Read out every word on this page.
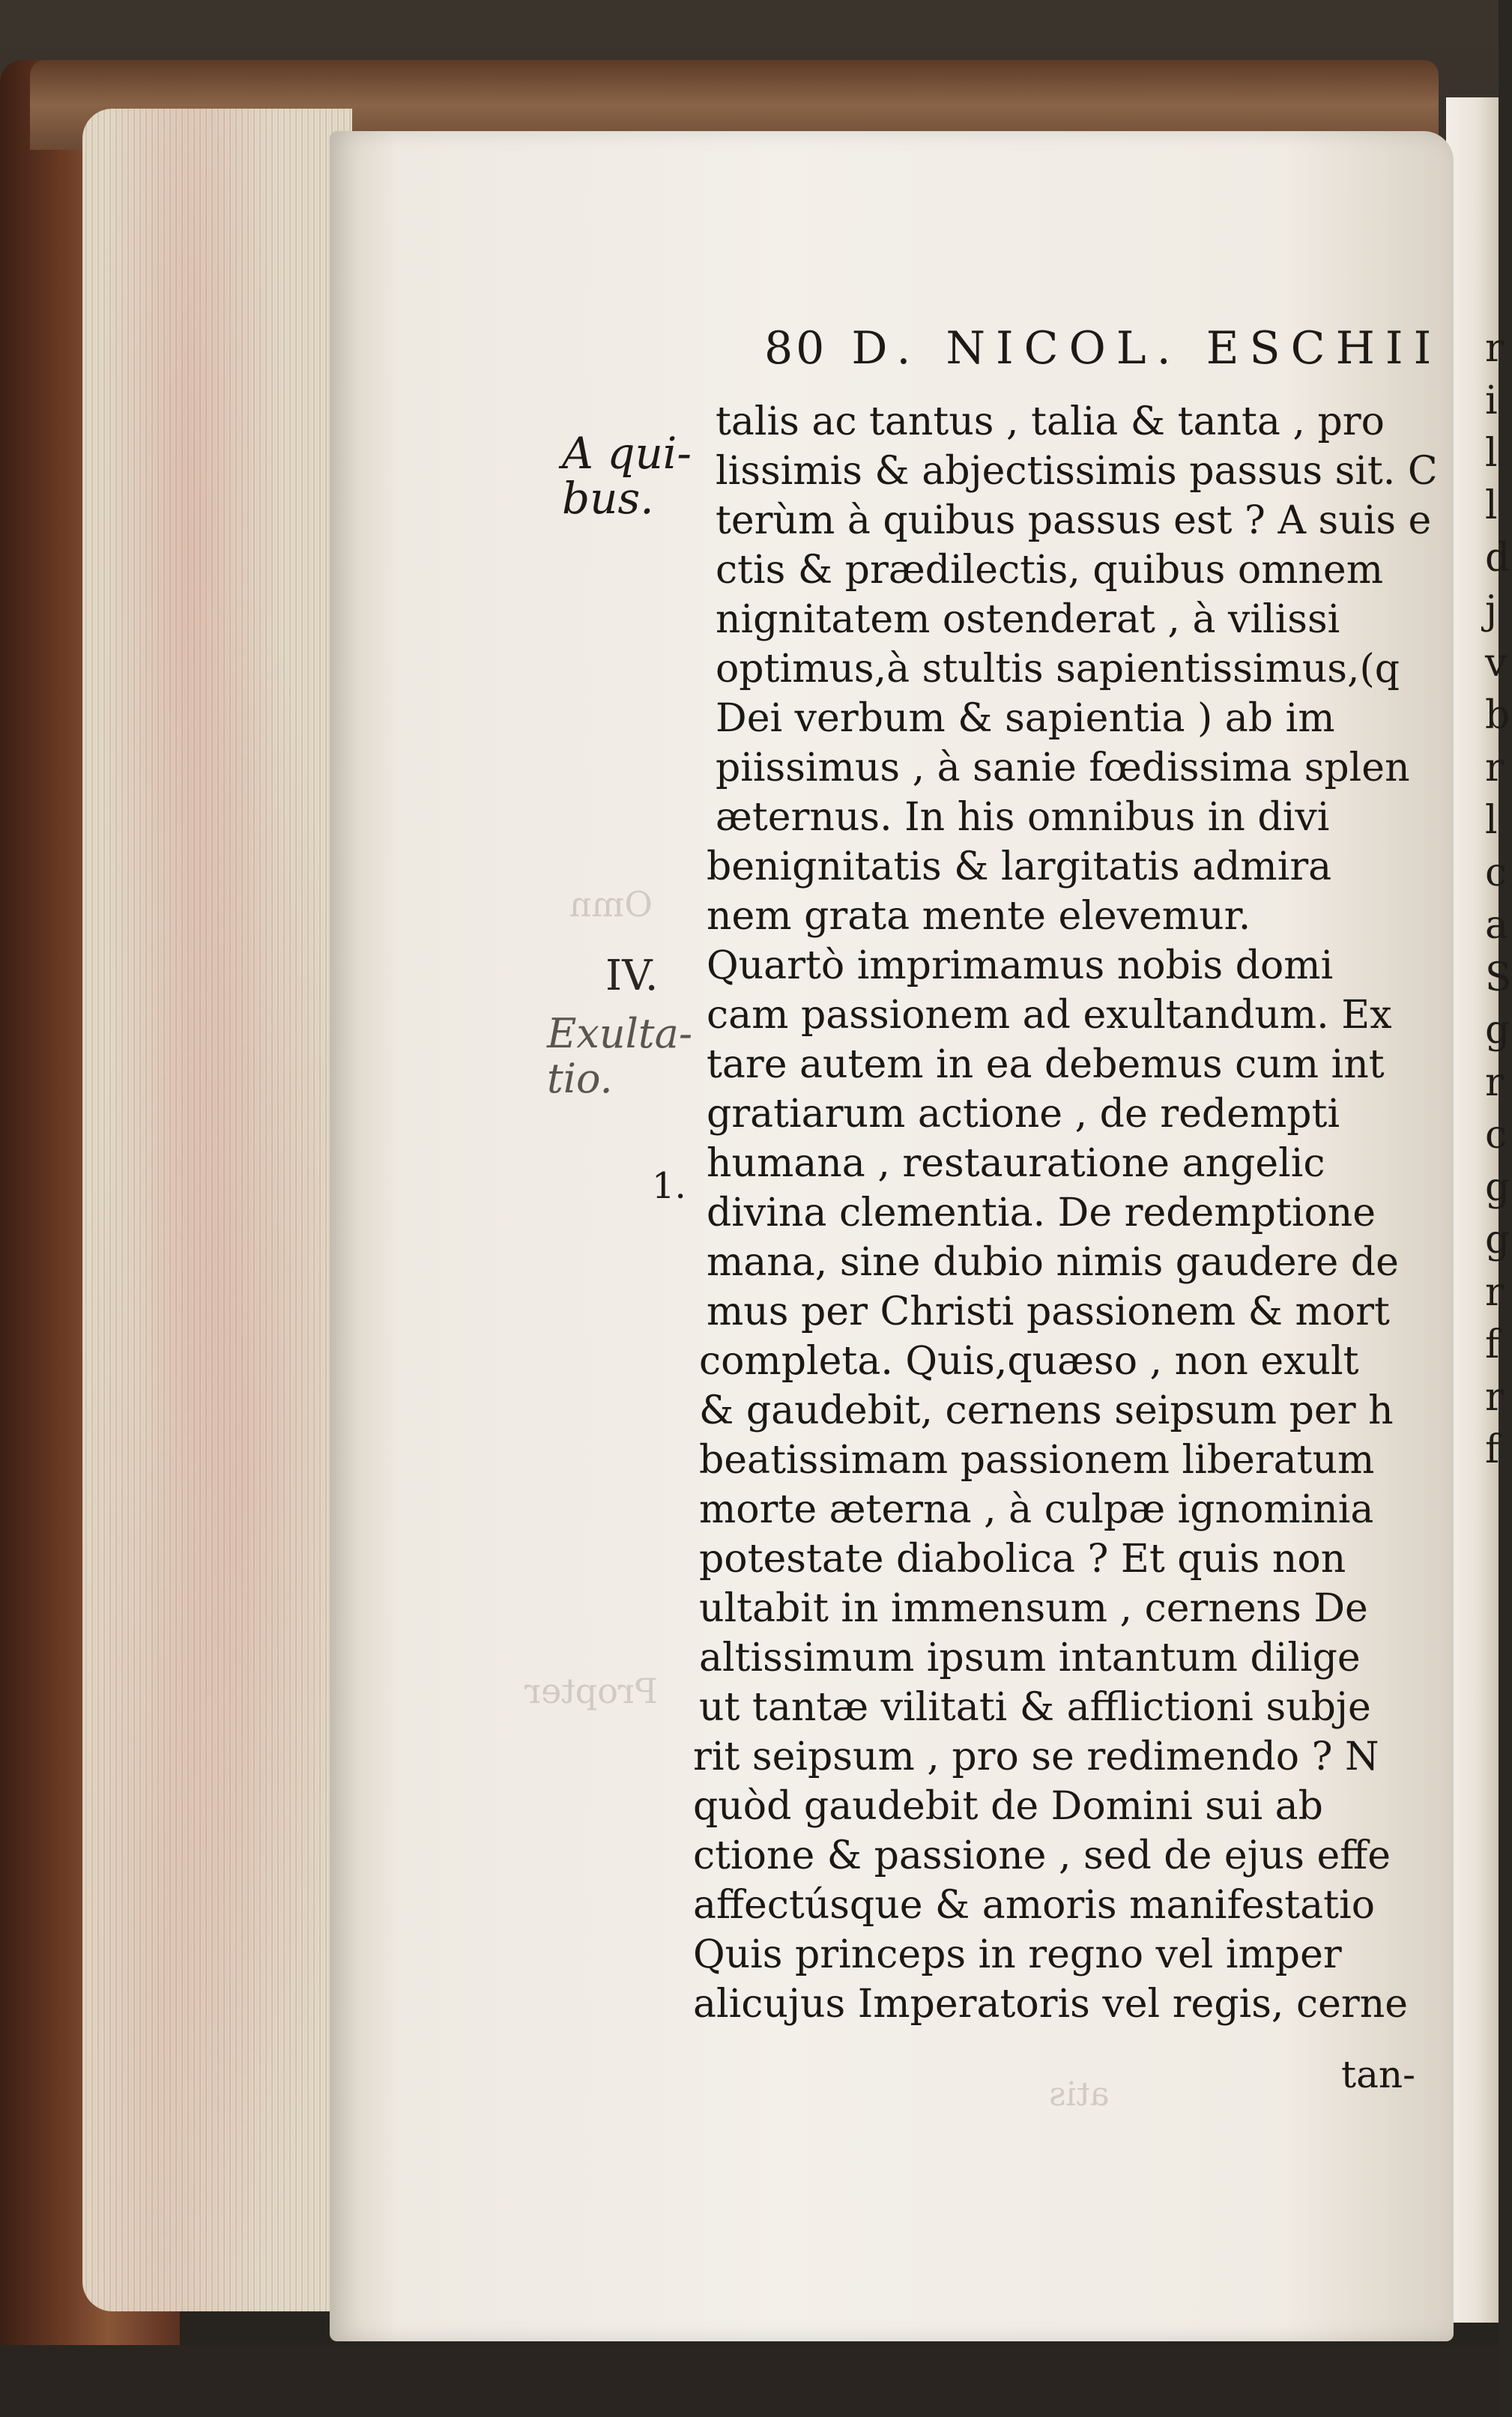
r
i
l
l
d
j
v
b
r
l
c
a
S
g
r
c
g
g
r
f
r
f
80 D. NICOL. ESCHII
A qui-
bus.
IV.
Exulta-
tio.
1.
Omn
Propter
atis
talis ac tantus , talia & tanta , pro
lissimis & abjectissimis passus sit. C
terùm à quibus passus est ? A suis e
ctis & prædilectis, quibus omnem
nignitatem ostenderat , à vilissi
optimus,à stultis sapientissimus,(q
Dei verbum & sapientia ) ab im
piissimus , à sanie fœdissima splen
æternus. In his omnibus in divi
benignitatis & largitatis admira
nem grata mente elevemur.
Quartò imprimamus nobis domi
cam passionem ad exultandum. Ex
tare autem in ea debemus cum int
gratiarum actione , de redempti
humana , restauratione angelic
divina clementia. De redemptione
mana, sine dubio nimis gaudere de
mus per Christi passionem & mort
completa. Quis,quæso , non exult
& gaudebit, cernens seipsum per h
beatissimam passionem liberatum
morte æterna , à culpæ ignominia
potestate diabolica ? Et quis non
ultabit in immensum , cernens De
altissimum ipsum intantum dilige
ut tantæ vilitati & afflictioni subje
rit seipsum , pro se redimendo ? N
quòd gaudebit de Domini sui ab
ctione & passione , sed de ejus effe
affectúsque & amoris manifestatio
Quis princeps in regno vel imper
alicujus Imperatoris vel regis, cerne
tan-
